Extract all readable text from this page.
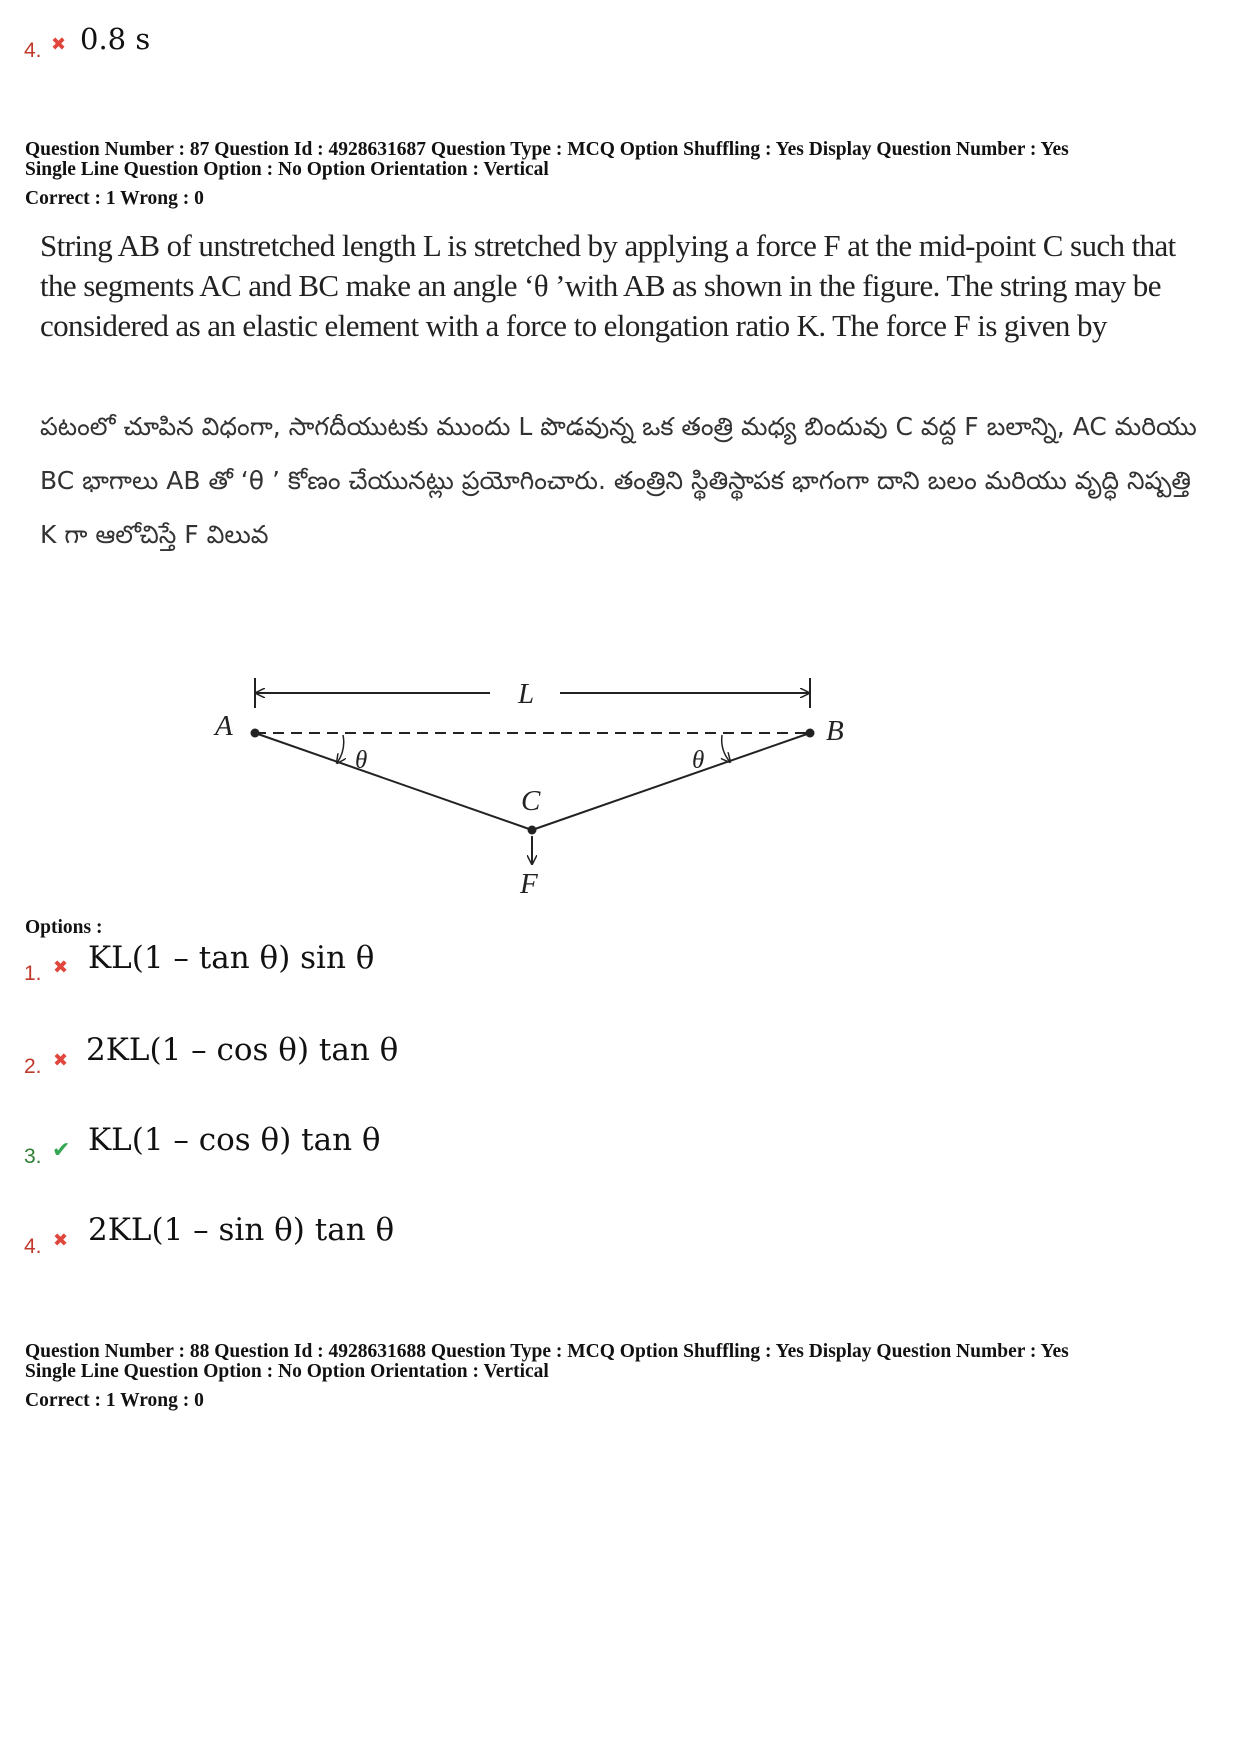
4. ✖ 0.8 s
Question Number : 87 Question Id : 4928631687 Question Type : MCQ Option Shuffling : Yes Display Question Number : Yes
Single Line Question Option : No Option Orientation : Vertical
Correct : 1 Wrong : 0
String AB of unstretched length L is stretched by applying a force F at the mid-point C such that the segments AC and BC make an angle ‘θ ’with AB as shown in the figure. The string may be considered as an elastic element with a force to elongation ratio K. The force F is given by
పటంలో చూపిన విధంగా, సాగదీయుటకు ముందు L పొడవున్న ఒక తంత్రి మధ్య బిందువు C వద్ద F బలాన్ని, AC మరియు BC భాగాలు AB తో ‘θ ’ కోణం చేయునట్లు ప్రయోగించారు. తంత్రిని స్థితిస్థాపక భాగంగా దాని బలం మరియు వృద్ధి నిష్పత్తి K గా ఆలోచిస్తే F విలువ
L
θ	θ
A	B
C
F
Options :
1. ✖ KL(1 – tan θ) sin θ
2. ✖ 2KL(1 – cos θ) tan θ
3. ✔ KL(1 – cos θ) tan θ
4. ✖ 2KL(1 – sin θ) tan θ
Question Number : 88 Question Id : 4928631688 Question Type : MCQ Option Shuffling : Yes Display Question Number : Yes
Single Line Question Option : No Option Orientation : Vertical
Correct : 1 Wrong : 0
